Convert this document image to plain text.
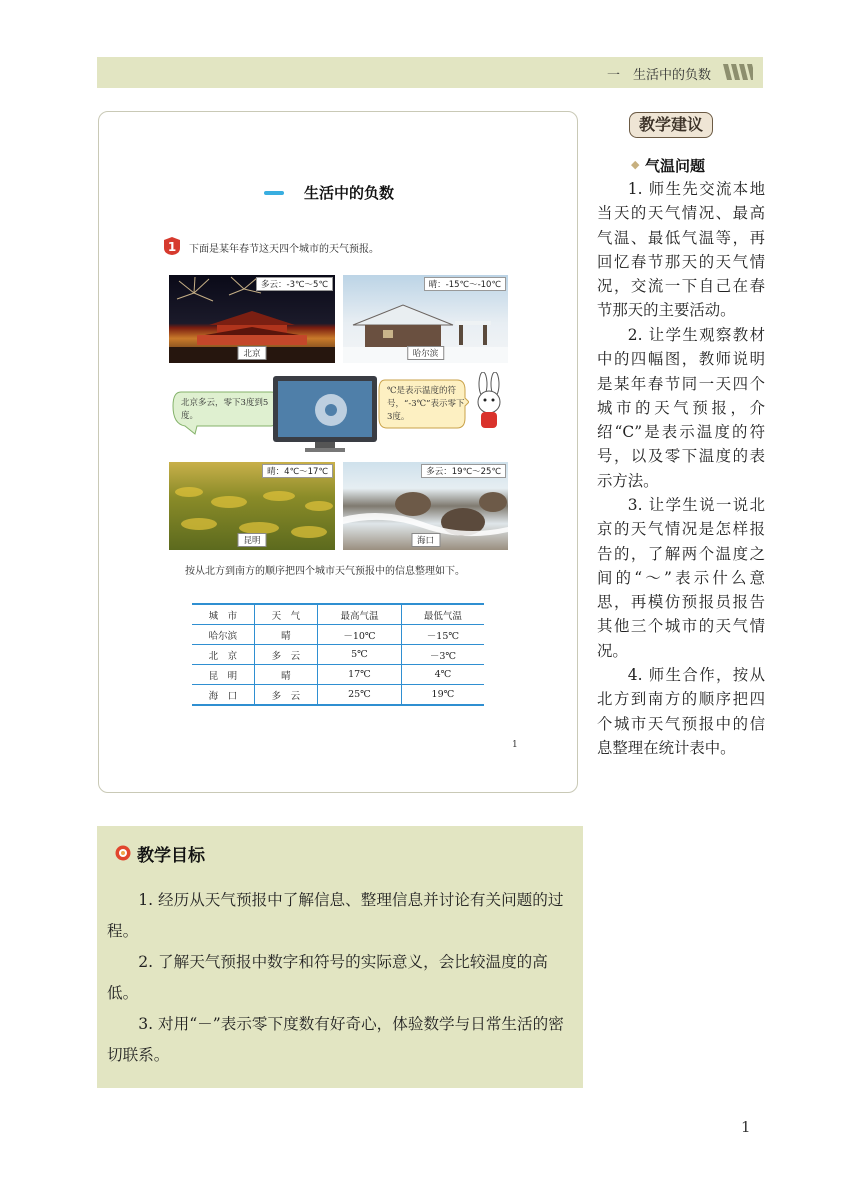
一　生活中的负数
生活中的负数
1 下面是某年春节这天四个城市的天气预报。
多云：-3℃～5℃
北京
晴：-15℃～-10℃
哈尔滨
北京多云，零下3度到5度。
℃是表示温度的符号，“-3℃”表示零下3度。
晴：4℃～17℃
昆明
多云：19℃～25℃
海口
按从北方到南方的顺序把四个城市天气预报中的信息整理如下。
城　市	天　气	最高气温	最低气温
哈尔滨	晴	－10℃	－15℃
北　京	多　云	5℃	－3℃
昆　明	晴	17℃	4℃
海　口	多　云	25℃	19℃
1
教学建议
◆ 气温问题
1. 师生先交流本地当天的天气情况、最高气温、最低气温等，再回忆春节那天的天气情况，交流一下自己在春节那天的主要活动。
2. 让学生观察教材中的四幅图，教师说明是某年春节同一天四个城市的天气预报，介绍“C”是表示温度的符号，以及零下温度的表示方法。
3. 让学生说一说北京的天气情况是怎样报告的，了解两个温度之间的“～”表示什么意思，再模仿预报员报告其他三个城市的天气情况。
4. 师生合作，按从北方到南方的顺序把四个城市天气预报中的信息整理在统计表中。
教学目标
1. 经历从天气预报中了解信息、整理信息并讨论有关问题的过程。
2. 了解天气预报中数字和符号的实际意义，会比较温度的高低。
3. 对用“－”表示零下度数有好奇心，体验数学与日常生活的密切联系。
1
